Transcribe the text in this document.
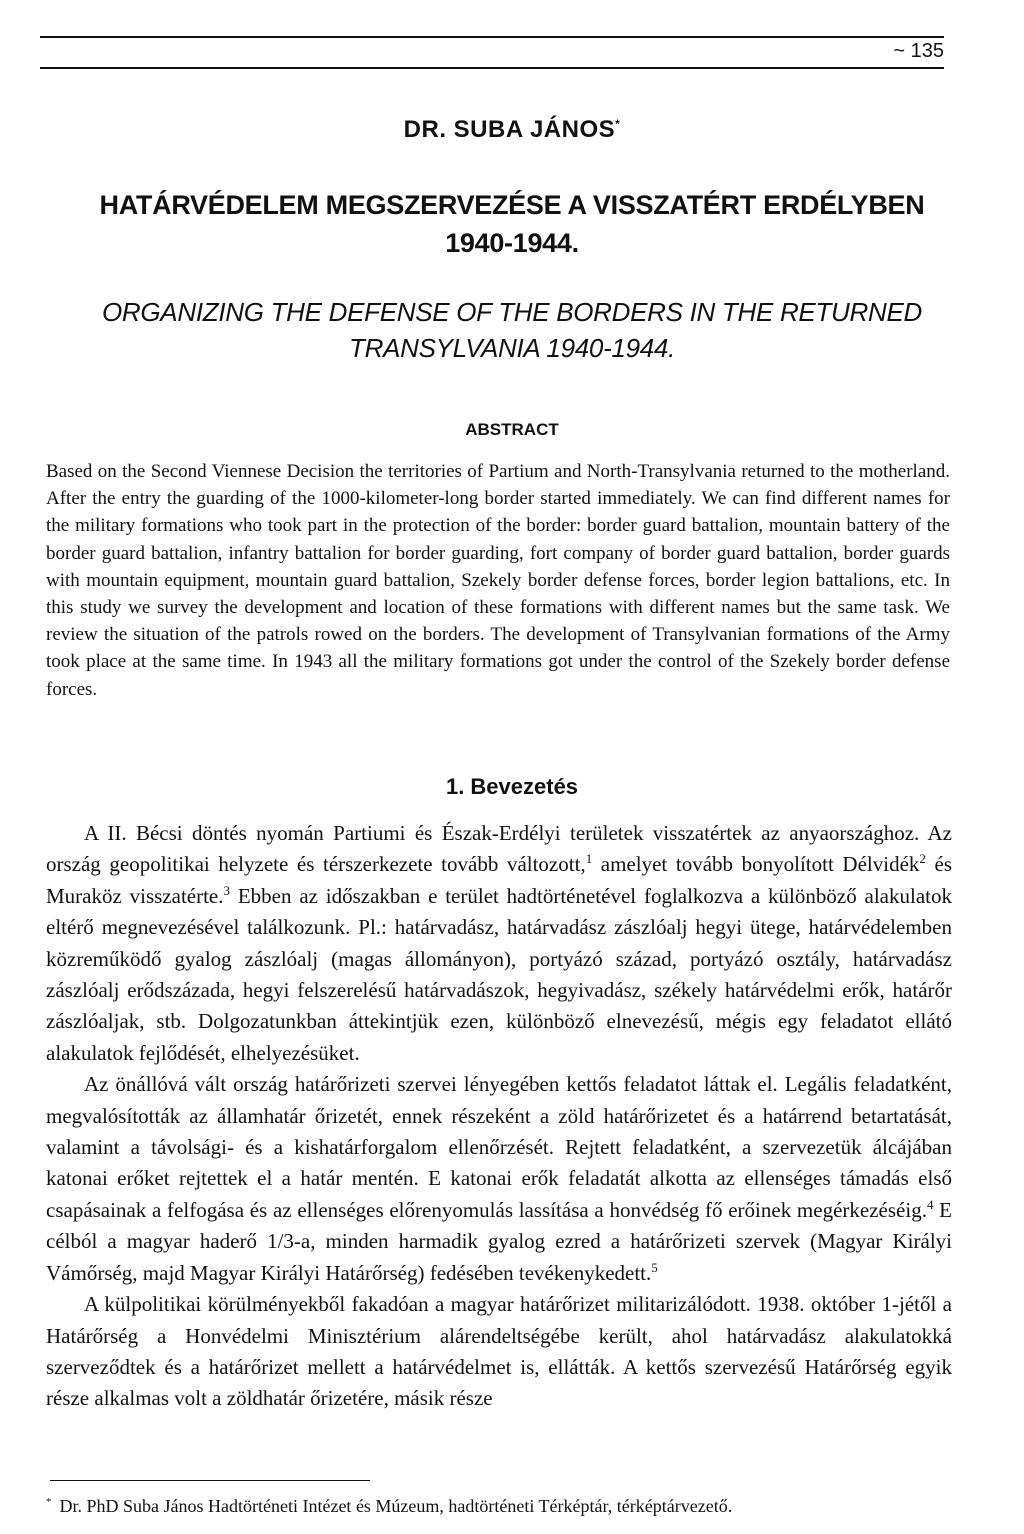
~ 135
DR. SUBA JÁNOS*
HATÁRVÉDELEM MEGSZERVEZÉSE A VISSZATÉRT ERDÉLYBEN
1940-1944.
ORGANIZING THE DEFENSE OF THE BORDERS IN THE RETURNED
TRANSYLVANIA 1940-1944.
ABSTRACT

Based on the Second Viennese Decision the territories of Partium and North-Transylvania returned to the motherland. After the entry the guarding of the 1000-kilometer-long border started immediately. We can find different names for the military formations who took part in the protection of the border: border guard battalion, mountain battery of the border guard battalion, infantry battalion for border guarding, fort company of border guard battalion, border guards with mountain equipment, mountain guard battalion, Szekely border defense forces, border legion battalions, etc. In this study we survey the development and location of these formations with different names but the same task. We review the situation of the patrols rowed on the borders. The development of Transylvanian formations of the Army took place at the same time. In 1943 all the military formations got under the control of the Szekely border defense forces.

1. Bevezetés

A II. Bécsi döntés nyomán Partiumi és Észak-Erdélyi területek visszatértek az anyaországhoz. Az ország geopolitikai helyzete és térszerkezete tovább változott,$^1$ amelyet tovább bonyolított Délvidék$^2$ és Muraköz visszatérte.$^3$ Ebben az időszakban e terület hadtörténetével foglalkozva a különböző alakulatok eltérő megnevezésével találkozunk. Pl.: határvadász, határvadász zászlóalj hegyi ütege, határvédelemben közreműködő gyalog zászlóalj (magas állományon), portyázó század, portyázó osztály, határvadász zászlóalj erődszázada, hegyi felszerelésű határvadászok, hegyivadász, székely határvédelmi erők, határőr zászlóaljak, stb. Dolgozatunkban áttekintjük ezen, különböző elnevezésű, mégis egy feladatot ellátó alakulatok fejlődését, elhelyezésüket.

Az önállóvá vált ország határőrizeti szervei lényegében kettős feladatot láttak el. Legális feladatként, megvalósították az államhatár őrizetét, ennek részeként a zöld határőrizetet és a határrend betartatását, valamint a távolsági- és a kishatárforgalom ellenőrzését. Rejtett feladatként, a szervezetük álcájában katonai erőket rejtettek el a határ mentén. E katonai erők feladatát alkotta az ellenséges támadás első csapásainak a felfogása és az ellenséges előrenyomulás lassítása a honvédség fő erőinek megérkezéséig.$^4$ E célból a magyar haderő 1/3-a, minden harmadik gyalog ezred a határőrizeti szervek (Magyar Királyi Vámőrség, majd Magyar Királyi Határőrség) fedésében tevékenykedett.$^5$

A külpolitikai körülményekből fakadóan a magyar határőrizet militarizálódott. 1938. október 1-jétől a Határőrség a Honvédelmi Minisztérium alárendeltségébe került, ahol határvadász alakulatokká szerveződtek és a határőrizet mellett a határvédelmet is, ellátták. A kettős szervezésű Határőrség egyik része alkalmas volt a zöldhatár őrizetére, másik része

* Dr. PhD Suba János Hadtörténeti Intézet és Múzeum, hadtörténeti Térképtár, térképtárvezető.
